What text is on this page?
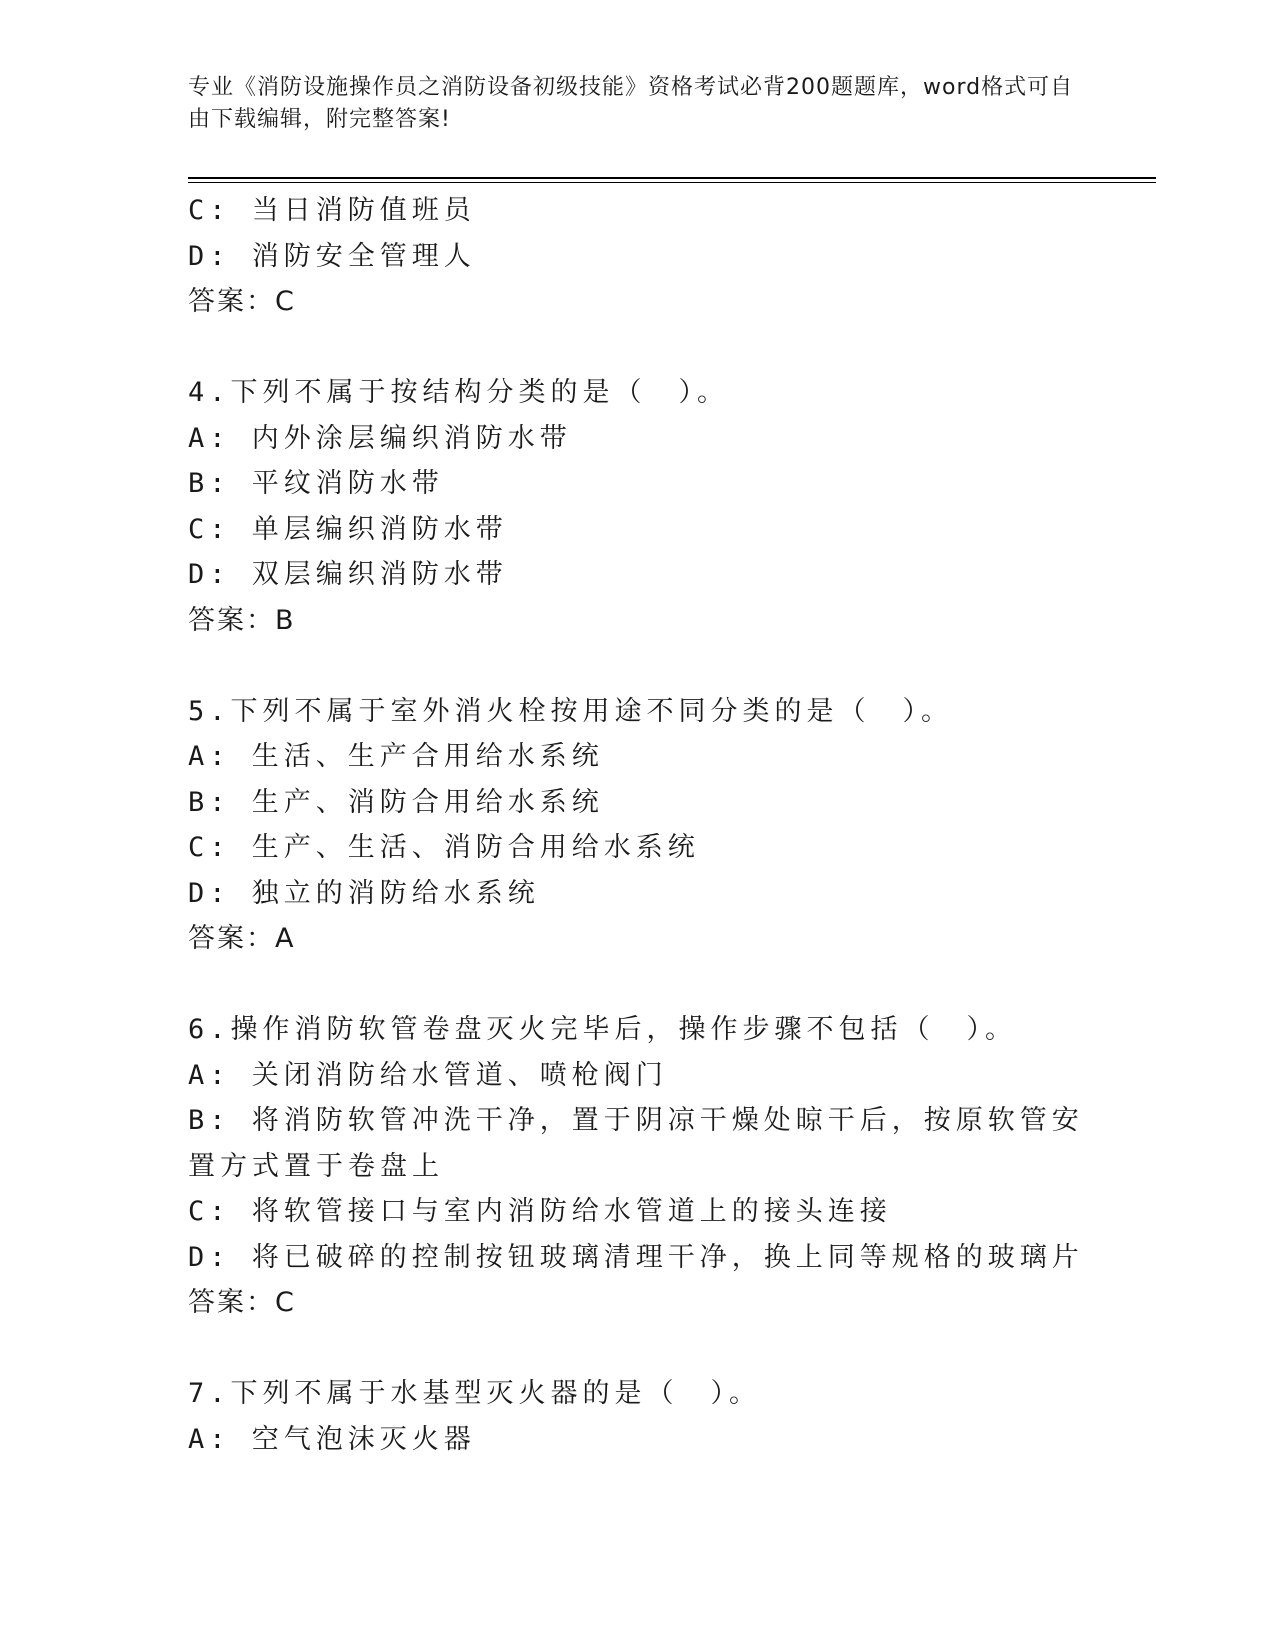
专业《消防设施操作员之消防设备初级技能》资格考试必背200题题库，word格式可自由下载编辑，附完整答案!
C: 当日消防值班员
D: 消防安全管理人
答案：C
4.下列不属于按结构分类的是（　）。
A: 内外涂层编织消防水带
B: 平纹消防水带
C: 单层编织消防水带
D: 双层编织消防水带
答案：B
5.下列不属于室外消火栓按用途不同分类的是（　）。
A: 生活、生产合用给水系统
B: 生产、消防合用给水系统
C: 生产、生活、消防合用给水系统
D: 独立的消防给水系统
答案：A
6.操作消防软管卷盘灭火完毕后，操作步骤不包括（　）。
A: 关闭消防给水管道、喷枪阀门
B: 将消防软管冲洗干净，置于阴凉干燥处晾干后，按原软管安置方式置于卷盘上
C: 将软管接口与室内消防给水管道上的接头连接
D: 将已破碎的控制按钮玻璃清理干净，换上同等规格的玻璃片
答案：C
7.下列不属于水基型灭火器的是（　）。
A: 空气泡沫灭火器
